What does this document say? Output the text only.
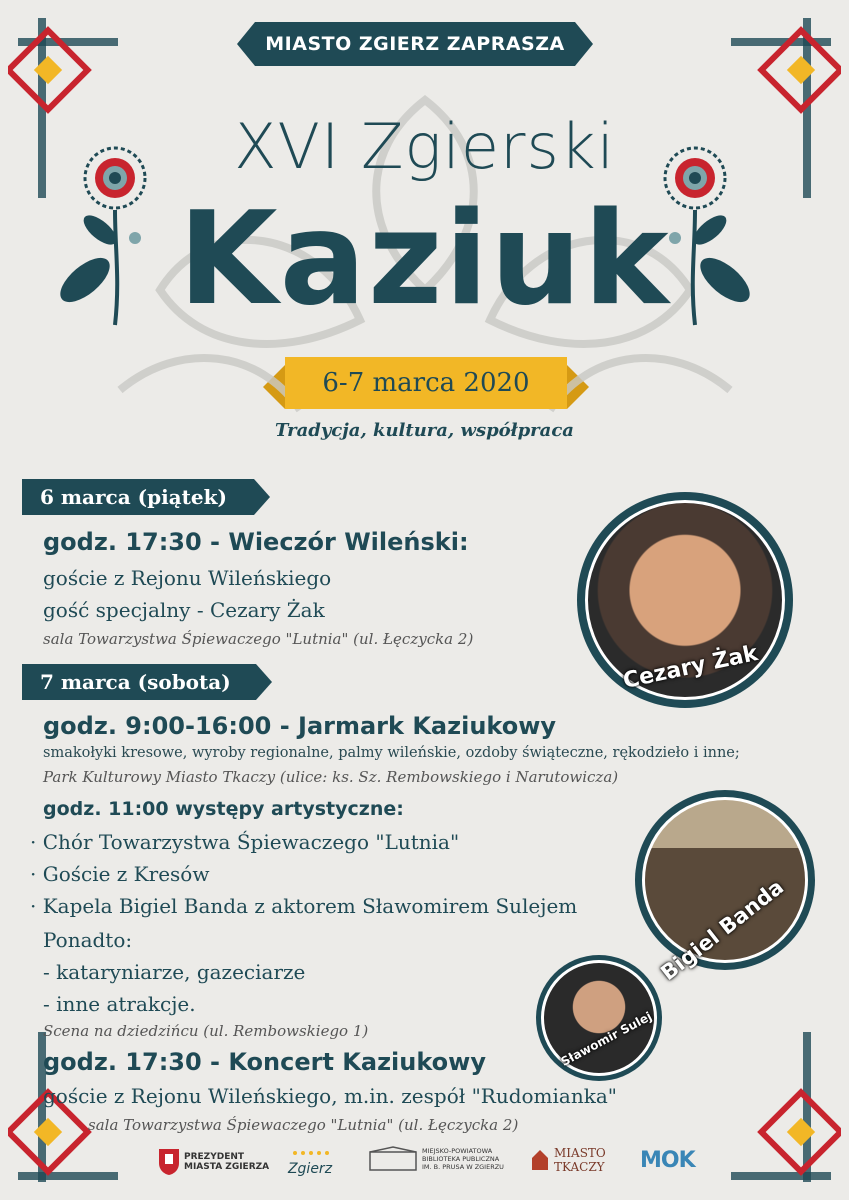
MIASTO ZGIERZ ZAPRASZA
XVI Zgierski
Kaziuk
6-7 marca 2020
Tradycja, kultura, współpraca
6 marca (piątek)
godz. 17:30 - Wieczór Wileński:
goście z Rejonu Wileńskiego
gość specjalny - Cezary Żak
sala Towarzystwa Śpiewaczego "Lutnia" (ul. Łęczycka 2)
7 marca (sobota)
godz. 9:00-16:00 - Jarmark Kaziukowy
smakołyki kresowe, wyroby regionalne, palmy wileńskie, ozdoby świąteczne, rękodzieło i inne;
Park Kulturowy Miasto Tkaczy (ulice: ks. Sz. Rembowskiego i Narutowicza)
godz. 11:00 występy artystyczne:
· Chór Towarzystwa Śpiewaczego "Lutnia"
· Goście z Kresów
· Kapela Bigiel Banda z aktorem Sławomirem Sulejem
Ponadto:
- kataryniarze, gazeciarze
- inne atrakcje.
Scena na dziedzińcu (ul. Rembowskiego 1)
godz. 17:30 - Koncert Kaziukowy
goście z Rejonu Wileńskiego, m.in. zespół "Rudomianka"
sala Towarzystwa Śpiewaczego "Lutnia" (ul. Łęczycka 2)
Cezary Żak
Bigiel Banda
Sławomir Sulej
PREZYDENT
MIASTA ZGIERZA	Zgierz
MIEJSKO-POWIATOWA
BIBLIOTEKA PUBLICZNA
IM. B. PRUSA W ZGIERZU
MIASTO
TKACZY MOK
